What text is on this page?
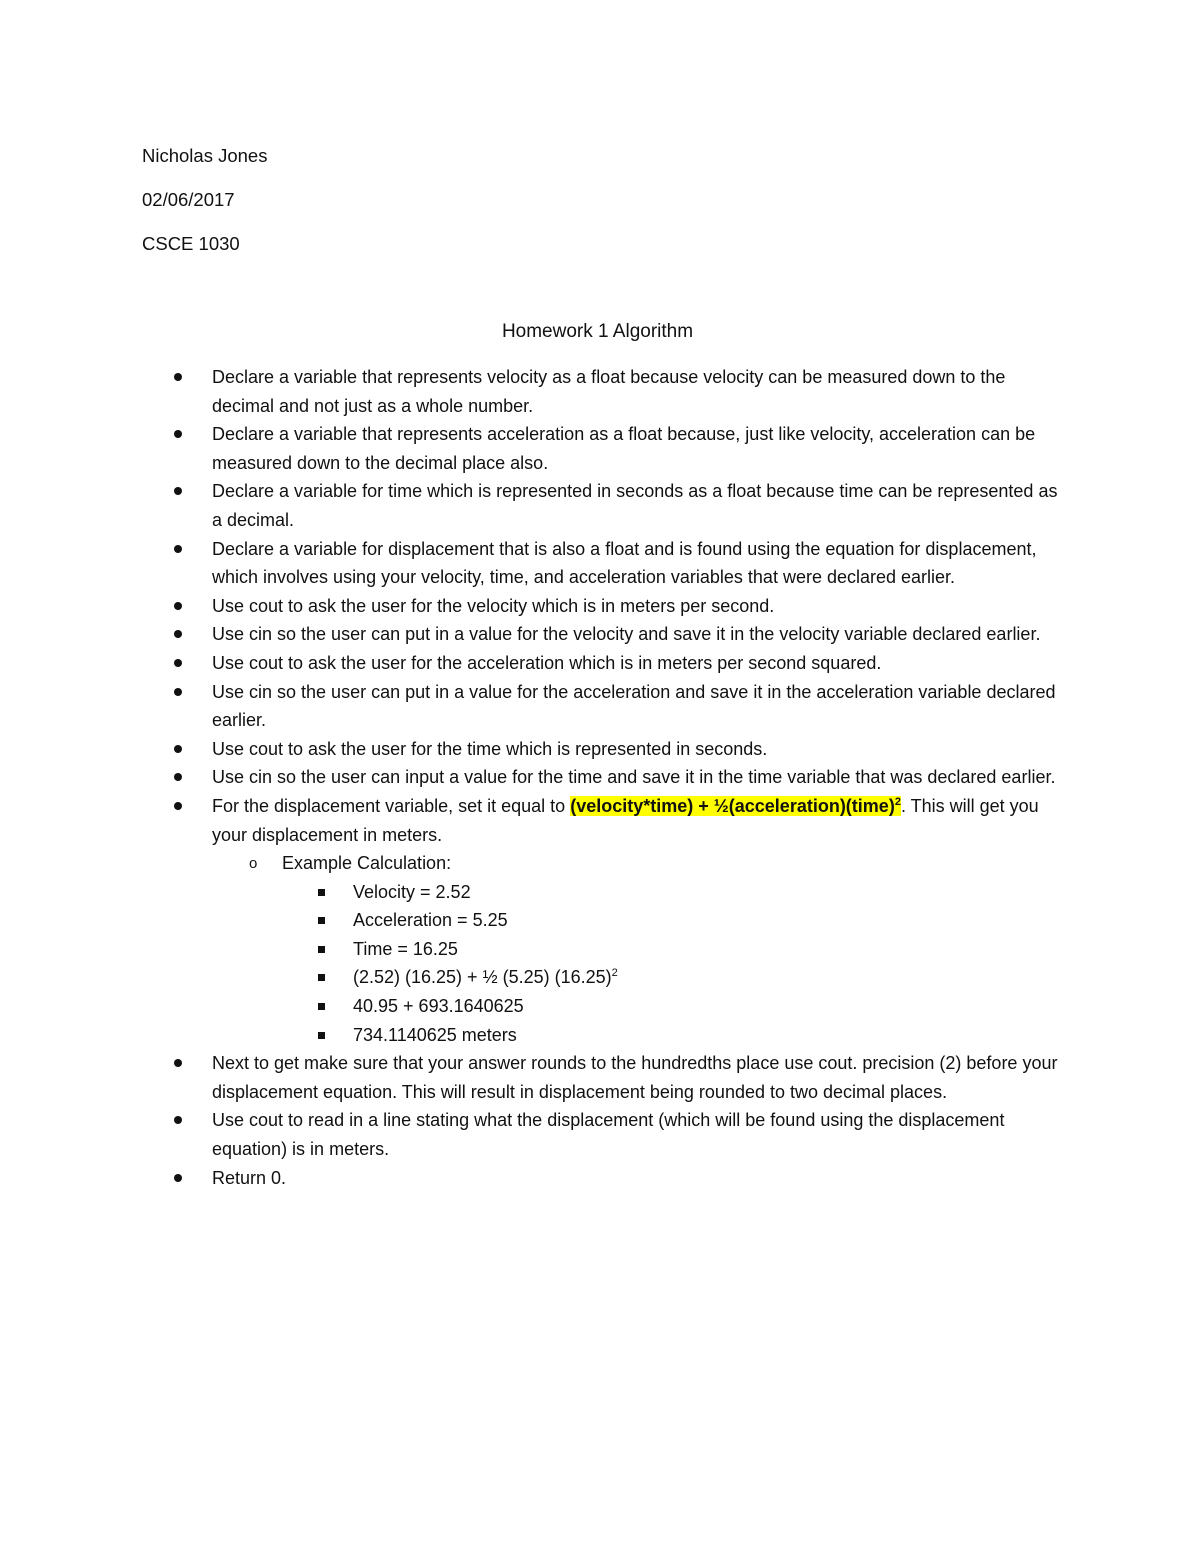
Nicholas Jones
02/06/2017
CSCE 1030
Homework 1 Algorithm
Declare a variable that represents velocity as a float because velocity can be measured down to the decimal and not just as a whole number.
Declare a variable that represents acceleration as a float because, just like velocity, acceleration can be measured down to the decimal place also.
Declare a variable for time which is represented in seconds as a float because time can be represented as a decimal.
Declare a variable for displacement that is also a float and is found using the equation for displacement, which involves using your velocity, time, and acceleration variables that were declared earlier.
Use cout to ask the user for the velocity which is in meters per second.
Use cin so the user can put in a value for the velocity and save it in the velocity variable declared earlier.
Use cout to ask the user for the acceleration which is in meters per second squared.
Use cin so the user can put in a value for the acceleration and save it in the acceleration variable declared earlier.
Use cout to ask the user for the time which is represented in seconds.
Use cin so the user can input a value for the time and save it in the time variable that was declared earlier.
For the displacement variable, set it equal to (velocity*time) + ½(acceleration)(time)$^2$. This will get you your displacement in meters.
o Example Calculation:
Velocity = 2.52
Acceleration = 5.25
Time = 16.25
(2.52) (16.25) + ½ (5.25) $(16.25)^2$
40.95 + 693.1640625
734.1140625 meters
Next to get make sure that your answer rounds to the hundredths place use cout. precision (2) before your displacement equation. This will result in displacement being rounded to two decimal places.
Use cout to read in a line stating what the displacement (which will be found using the displacement equation) is in meters.
Return 0.
